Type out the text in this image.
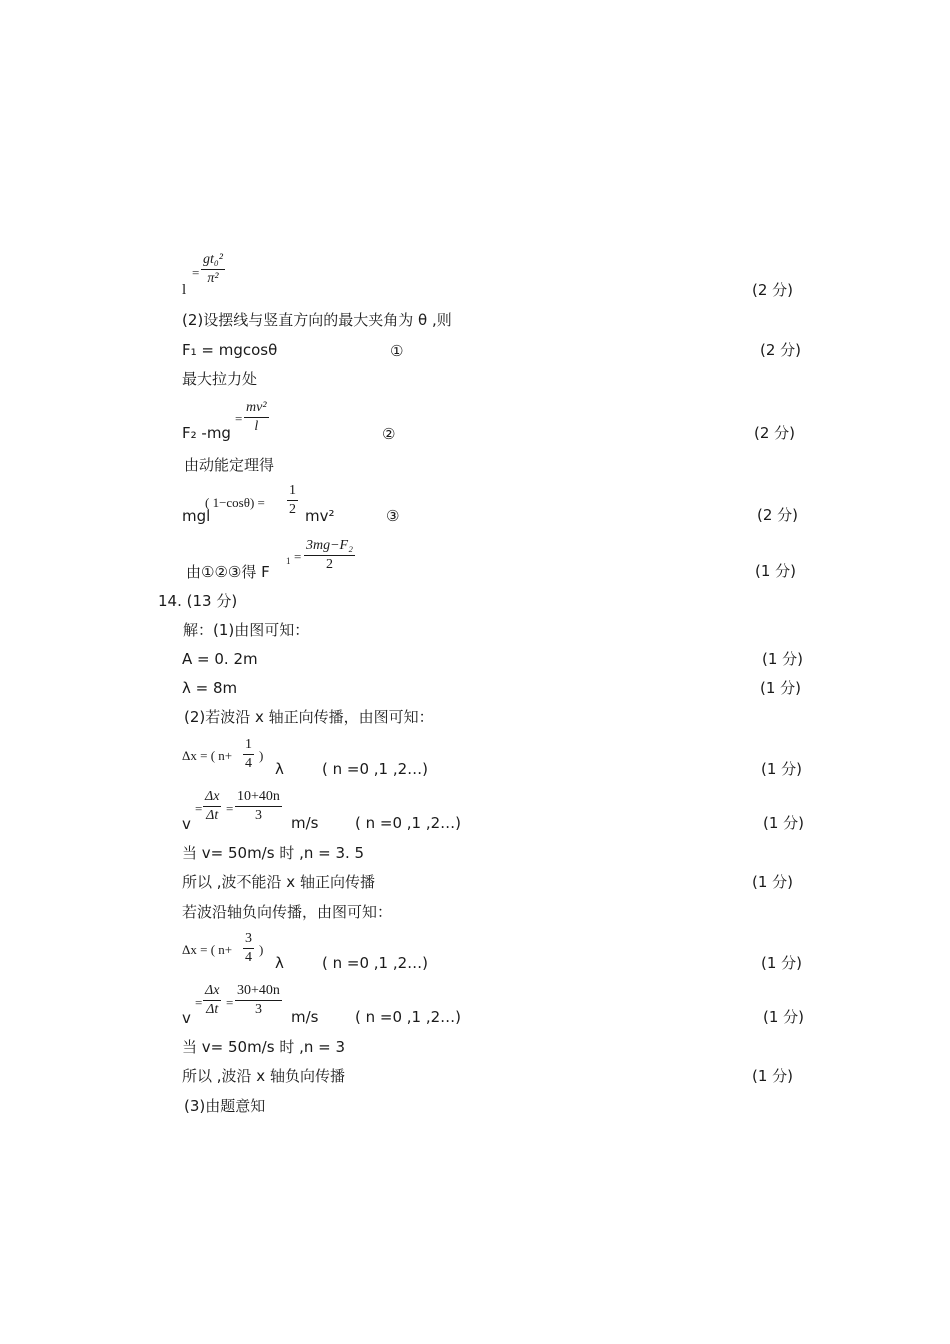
l
=
gt₀²
π²
(2 分)
(2)设摆线与竖直方向的最大夹角为 θ ,则
F₁ = mgcosθ	①	(2 分)
最大拉力处
F₂ -mg
=
mv²
l	②	(2 分)
由动能定理得
mgl
( 1−cosθ) =
1
2 mv²	③	(2 分)
由①②③得 F
1 =
3mg−F₂
2	(1 分)
14. (13 分)
解：(1)由图可知：
A = 0. 2m	(1 分)
λ = 8m	(1 分)
(2)若波沿 x 轴正向传播，由图可知：
Δx = ( n+
1
4
)
λ	( n =0 ,1 ,2…)	(1 分)
v
=
Δx
Δt =
10+40n
3	m/s ( n =0 ,1 ,2…)	(1 分)
当 v= 50m/s 时 ,n = 3. 5
所以 ,波不能沿 x 轴正向传播	(1 分)
若波沿轴负向传播，由图可知：
Δx = ( n+
3
4
)
λ	( n =0 ,1 ,2…)	(1 分)
v
=
Δx
Δt =
30+40n
3	m/s ( n =0 ,1 ,2…)	(1 分)
当 v= 50m/s 时 ,n = 3
所以 ,波沿 x 轴负向传播	(1 分)
(3)由题意知
